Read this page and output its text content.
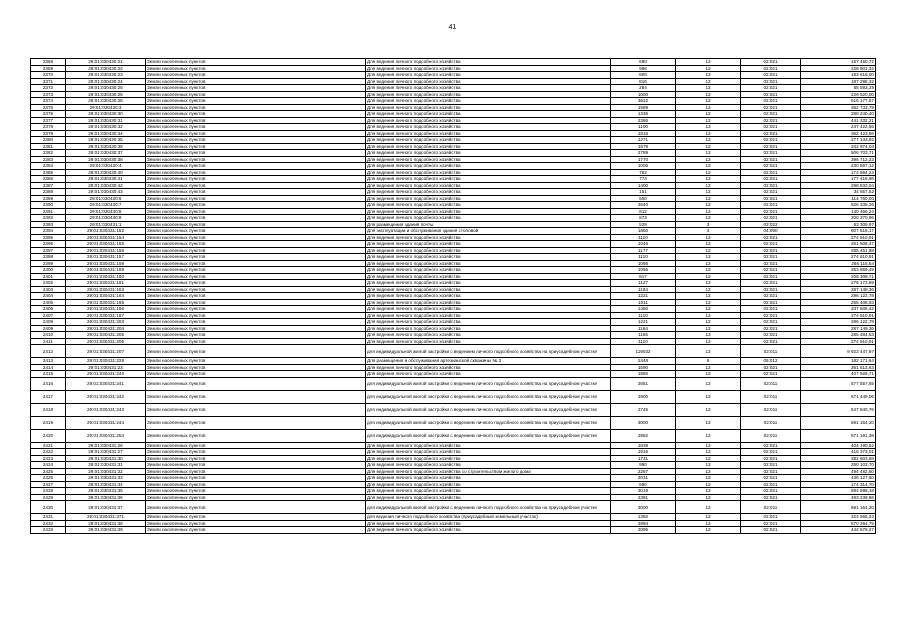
41
2368	29:01:030430:21	Земли населенных пунктов	Для ведения личного подсобного хозяйства	680	13	02:021	157 450,72
2369	29:01:030430:22	Земли населенных пунктов	Для ведения личного подсобного хозяйства	986	13	02:021	228 601,32
2370	29:01:030430:23	Земли населенных пунктов	Для ведения личного подсобного хозяйства	800	13	02:021	183 616,00
2371	29:01:030430:24	Земли населенных пунктов	Для ведения личного подсобного хозяйства	816	13	02:021	187 288,32
2372	29:01:030430:25	Земли населенных пунктов	Для ведения личного подсобного хозяйства	284	13	02:021	65 593,28
2373	29:01:030430:26	Земли населенных пунктов	Для ведения личного подсобного хозяйства	1000	13	02:021	229 520,00
2374	29:01:030430:28	Земли населенных пунктов	Для ведения личного подсобного хозяйства	3622	13	02:021	615 177,57
2375	29:01:030430:3	Земли населенных пунктов	Для ведения личного подсобного хозяйства	1589	13	02:021	362 733,78
2376	29:01:030430:30	Земли населенных пунктов	Для ведения личного подсобного хозяйства	1336	13	02:021	288 240,40
2377	29:01:030430:31	Земли населенных пунктов	Для ведения личного подсобного хозяйства	2366	13	02:021	441 332,21
2378	29:01:030430:32	Земли населенных пунктов	Для ведения личного подсобного хозяйства	1100	13	02:021	247 422,56
2379	29:01:030430:34	Земли населенных пунктов	Для ведения личного подсобного хозяйства	1815	13	02:021	362 423,56
2380	29:01:030430:35	Земли населенных пунктов	Для ведения личного подсобного хозяйства	1271	13	02:021	277 133,92
2381	29:01:030430:36	Земли населенных пунктов	Для ведения личного подсобного хозяйства	1579	13	02:021	342 974,03
2382	29:01:030430:37	Земли населенных пунктов	Для ведения личного подсобного хозяйства	2789	13	02:021	506 703,71
2383	29:01:030430:38	Земли населенных пунктов	Для ведения личного подсобного хозяйства	1770	13	02:021	396 712,22
2384	29:01:030430:4	Земли населенных пунктов	Для ведения личного подсобного хозяйства	1006	13	02:021	230 897,12
2385	29:01:030430:40	Земли населенных пунктов	Для ведения личного подсобного хозяйства	762	13	02:021	174 894,24
2386	29:01:030430:41	Земли населенных пунктов	Для ведения личного подсобного хозяйства	773	13	02:021	177 418,96
2387	29:01:030430:42	Земли населенных пунктов	Для ведения личного подсобного хозяйства	1400	13	02:021	298 833,04
2388	29:01:030430:43	Земли населенных пунктов	Для ведения личного подсобного хозяйства	151	13	02:021	34 657,52
2389	29:01:030430:6	Земли населенных пунктов	Для ведения личного подсобного хозяйства	500	13	02:021	114 760,00
2390	29:01:030430:7	Земли населенных пунктов	Для ведения личного подсобного хозяйства	2640	13	02:021	526 335,26
2391	29:01:030430:8	Земли населенных пунктов	Для ведения личного подсобного хозяйства	612	13	02:021	140 466,24
2392	29:01:030430:9	Земли населенных пунктов	Для ведения личного подсобного хозяйства	873	13	02:021	200 370,96
2393	29:01:030431:1	Земли населенных пунктов	Для размещения здания почты	529	3	03:022	63 309,97
2394	29:01:030431:152	Земли населенных пунктов	Для эксплуатации и обслуживания здания столовой	1850	4	04:090	607 616,17
2395	29:01:030431:154	Земли населенных пунктов	Для ведения личного подсобного хозяйства	1110	13	02:021	274 810,91
2396	29:01:030431:155	Земли населенных пунктов	Для ведения личного подсобного хозяйства	1046	13	02:021	261 608,47
2397	29:01:030431:156	Земли населенных пунктов	Для ведения личного подсобного хозяйства	1177	13	02:021	285 451,88
2398	29:01:030431:157	Земли населенных пунктов	Для ведения личного подсобного хозяйства	1110	13	02:021	274 810,91
2399	29:01:030431:158	Земли населенных пунктов	Для ведения личного подсобного хозяйства	1066	13	02:021	266 115,54
2400	29:01:030431:159	Земли населенных пунктов	Для ведения личного подсобного хозяйства	1055	13	02:021	263 859,49
2401	29:01:030431:160	Земли населенных пунктов	Для ведения личного подсобного хозяйства	817	13	02:021	208 308,71
2402	29:01:030431:161	Земли населенных пунктов	Для ведения личного подсобного хозяйства	1127	13	02:021	276 172,69
2403	29:01:030431:163	Земли населенных пунктов	Для ведения личного подсобного хозяйства	1184	13	02:021	287 149,36
2404	29:01:030431:164	Земли населенных пунктов	Для ведения личного подсобного хозяйства	1221	13	02:021	296 122,78
2405	29:01:030431:165	Земли населенных пунктов	Для ведения личного подсобного хозяйства	1011	13	02:021	255 408,93
2406	29:01:030431:166	Земли населенных пунктов	Для ведения личного подсобного хозяйства	1450	13	02:021	337 608,42
2407	29:01:030431:167	Земли населенных пунктов	Для ведения личного подсобного хозяйства	1110	13	02:021	274 810,91
2408	29:01:030431:203	Земли населенных пунктов	Для ведения личного подсобного хозяйства	1221	13	02:021	296 122,78
2409	29:01:030431:204	Земли населенных пунктов	Для ведения личного подсобного хозяйства	1184	13	02:021	287 149,36
2410	29:01:030431:205	Земли населенных пунктов	Для ведения личного подсобного хозяйства	1165	13	02:021	285 484,53
2411	29:01:030431:206	Земли населенных пунктов	Для ведения личного подсобного хозяйства	1110	13	02:021	274 810,91
2412	29:01:030431:207	Земли населенных пунктов	для индивидуальной жилой застройки с ведением личного подсобного хозяйства на приусадебном участке	119032	13	02:011	9 923 447,87
2413	29:01:030431:228	Земли населенных пунктов	Для размещения и обслуживания артезианской скважины № 3	2448	6	05:012	182 171,64
2414	29:01:030431:23	Земли населенных пунктов	Для ведения личного подсобного хозяйства	1590	13	02:021	361 513,63
2415	29:01:030431:240	Земли населенных пунктов	Для ведения личного подсобного хозяйства	1850	13	02:021	407 928,71
2416	29:01:030431:241	Земли населенных пунктов	для индивидуальной жилой застройки с ведением личного подсобного хозяйства на приусадебном участке	2651	13	02:011	577 557,55
2417	29:01:030431:242	Земли населенных пунктов	для индивидуальной жилой застройки с ведением личного подсобного хозяйства на приусадебном участке	2900	13	02:011	571 449,06
2418	29:01:030431:243	Земли населенных пунктов	для индивидуальной жилой застройки с ведением личного подсобного хозяйства на приусадебном участке	2745	13	02:011	547 840,76
2419	29:01:030431:244	Земли населенных пунктов	для индивидуальной жилой застройки с ведением личного подсобного хозяйства на приусадебном участке	3000	13	02:011	591 154,20
2420	29:01:030431:254	Земли населенных пунктов	для индивидуальной жилой застройки с ведением личного подсобного хозяйства на приусадебном участке	2882	13	02:011	571 191,38
2421	29:01:030431:26	Земли населенных пунктов	Для ведения личного подсобного хозяйства	1839	13	02:021	404 190,52
2422	29:01:030431:27	Земли населенных пунктов	Для ведения личного подсобного хозяйства	1916	13	02:021	416 373,01
2423	29:01:030431:30	Земли населенных пунктов	Для ведения личного подсобного хозяйства	1721	13	02:021	382 603,68
2424	29:01:030431:31	Земли населенных пунктов	Для ведения личного подсобного хозяйства	990	13	02:021	250 103,70
2425	29:01:030431:32	Земли населенных пунктов	Для ведения личного подсобного хозяйства со строительством жилого дома	2267	13	02:021	494 482,80
2426	29:01:030431:33	Земли населенных пунктов	Для ведения личного подсобного хозяйства	2031	13	02:021	435 127,60
2427	29:01:030431:34	Земли населенных пунктов	Для ведения личного подсобного хозяйства	690	13	02:021	174 314,70
2428	29:01:030431:35	Земли населенных пунктов	Для ведения личного подсобного хозяйства	3019	13	02:021	594 898,18
2429	29:01:030431:36	Земли населенных пунктов	Для ведения личного подсобного хозяйства	2381	13	02:021	493 239,86
2430	29:01:030431:37	Земли населенных пунктов	для индивидуальной жилой застройки с ведением личного подсобного хозяйства на приусадебном участке	3000	13	02:011	591 154,20
2431	29:01:030431:371	Земли населенных пунктов	для ведения личного подсобного хозяйства (приусадебный земельный участок)	1392	13	02:021	324 655,23
2432	29:01:030431:38	Земли населенных пунктов	Для ведения личного подсобного хозяйства	2894	13	02:021	570 264,75
2433	29:01:030431:39	Земли населенных пунктов	Для ведения личного подсобного хозяйства	2095	13	02:021	444 576,27
